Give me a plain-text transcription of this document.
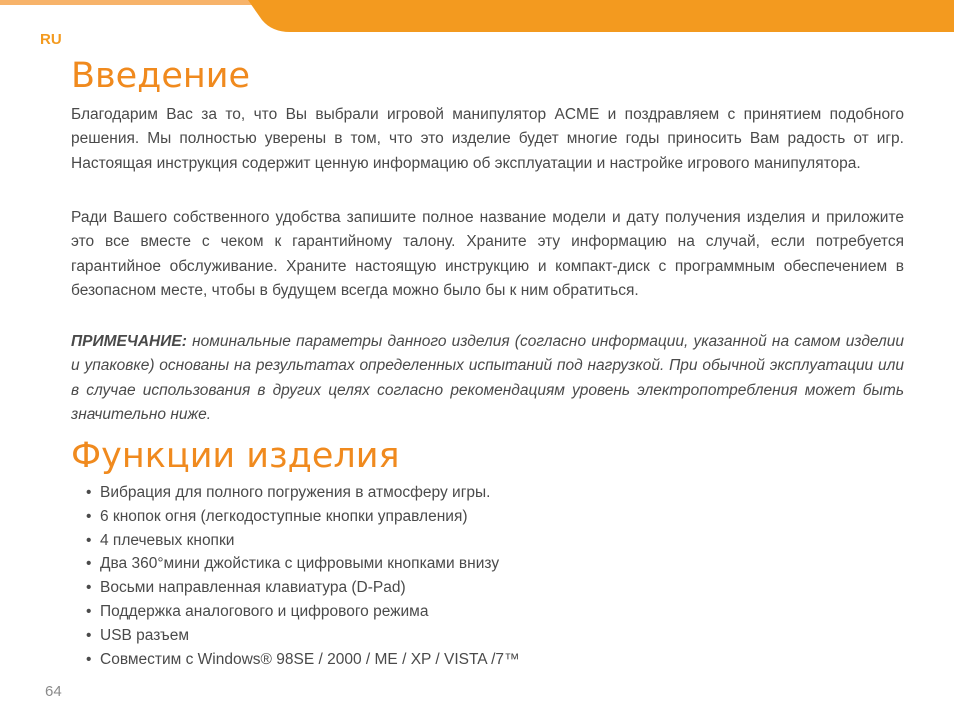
RU
Введение

Благодарим Вас за то, что Вы выбрали игровой манипулятор ACME и поздравляем с принятием подобного решения. Мы полностью уверены в том, что это изделие будет многие годы приносить Вам радость от игр. Настоящая инструкция содержит ценную информацию об эксплуатации и настройке игрового манипулятора.

Ради Вашего собственного удобства запишите полное название модели и дату получения изделия и приложите это все вместе с чеком к гарантийному талону. Храните эту информацию на случай, если потребуется гарантийное обслуживание. Храните настоящую инструкцию и компакт-диск с программным обеспечением в безопасном месте, чтобы в будущем всегда можно было бы к ним обратиться.

ПРИМЕЧАНИЕ: номинальные параметры данного изделия (согласно информации, указанной на самом изделии и упаковке) основаны на результатах определенных испытаний под нагрузкой. При обычной эксплуатации или в случае использования в других целях согласно рекомендациям уровень электропотребления может быть значительно ниже.

Функции изделия
• Вибрация для полного погружения в атмосферу игры.
• 6 кнопок огня (легкодоступные кнопки управления)
• 4 плечевых кнопки
• Два 360°мини джойстика с цифровыми кнопками внизу
• Восьми направленная клавиатура (D-Pad)
• Поддержка аналогового и цифрового режима
• USB разъем
• Совместим с Windows® 98SE / 2000 / ME / XP / VISTA /7™
64
